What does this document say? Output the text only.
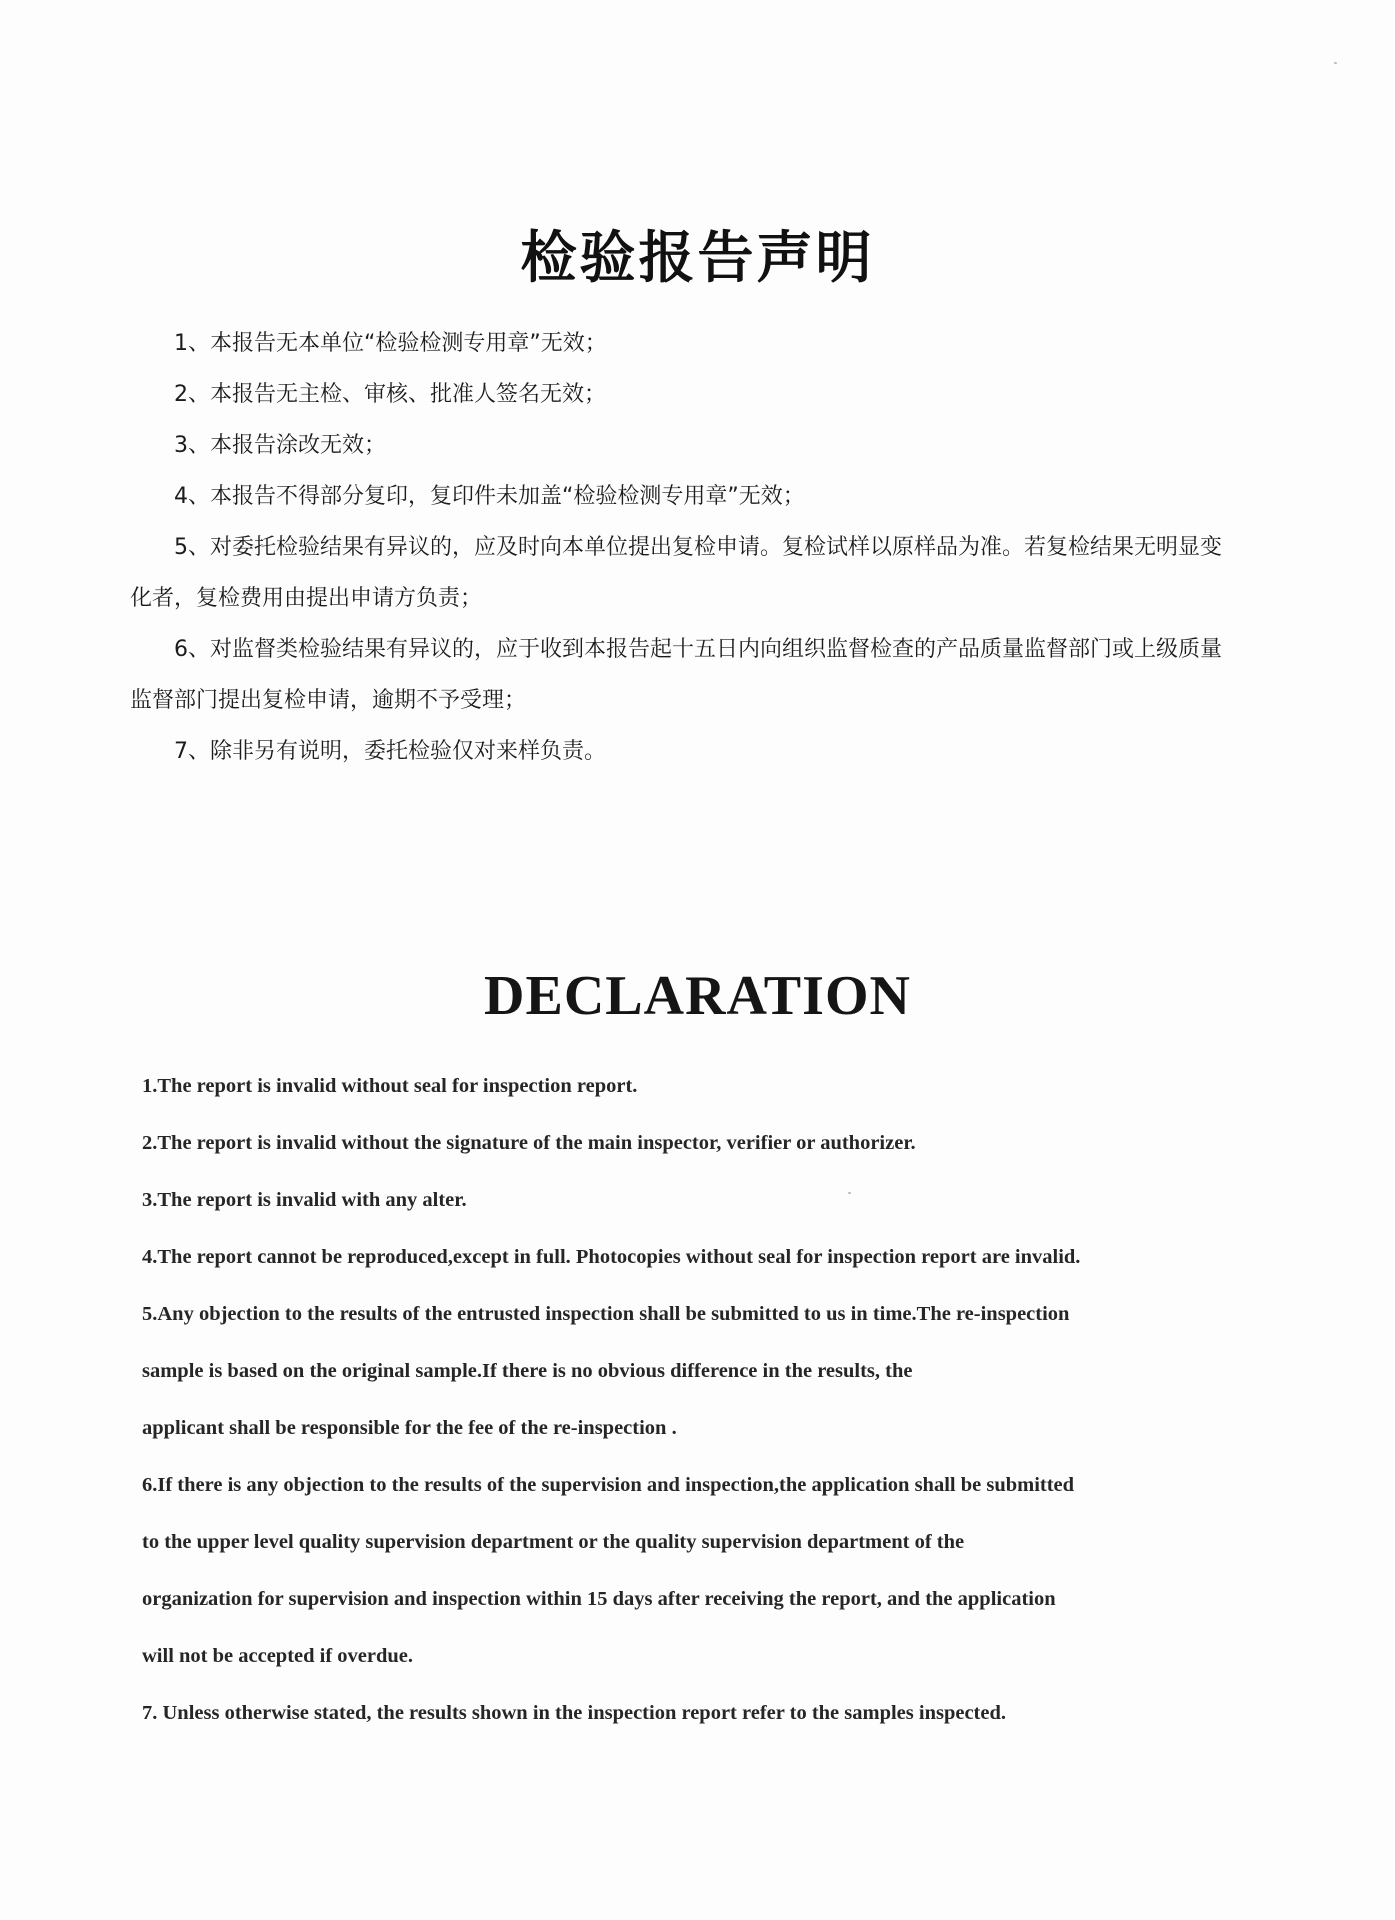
检验报告声明

1、本报告无本单位“检验检测专用章”无效；

2、本报告无主检、审核、批准人签名无效；

3、本报告涂改无效；

4、本报告不得部分复印，复印件未加盖“检验检测专用章”无效；

5、对委托检验结果有异议的，应及时向本单位提出复检申请。复检试样以原样品为准。若复检结果无明显变化者，复检费用由提出申请方负责；

6、对监督类检验结果有异议的，应于收到本报告起十五日内向组织监督检查的产品质量监督部门或上级质量监督部门提出复检申请，逾期不予受理；

7、除非另有说明，委托检验仅对来样负责。

DECLARATION

1.The report is invalid without seal for inspection report.

2.The report is invalid without the signature of the main inspector, verifier or authorizer.

3.The report is invalid with any alter.

4.The report cannot be reproduced,except in full. Photocopies without seal for inspection report are invalid.

5.Any objection to the results of the entrusted inspection shall be submitted to us in time.The re-inspection

sample is based on the original sample.If there is no obvious difference in the results, the

applicant shall be responsible for the fee of the re-inspection .

6.If there is any objection to the results of the supervision and inspection,the application shall be submitted

to the upper level quality supervision department or the quality supervision department of the

organization for supervision and inspection within 15 days after receiving the report, and the application

will not be accepted if overdue.

7. Unless otherwise stated, the results shown in the inspection report refer to the samples inspected.
